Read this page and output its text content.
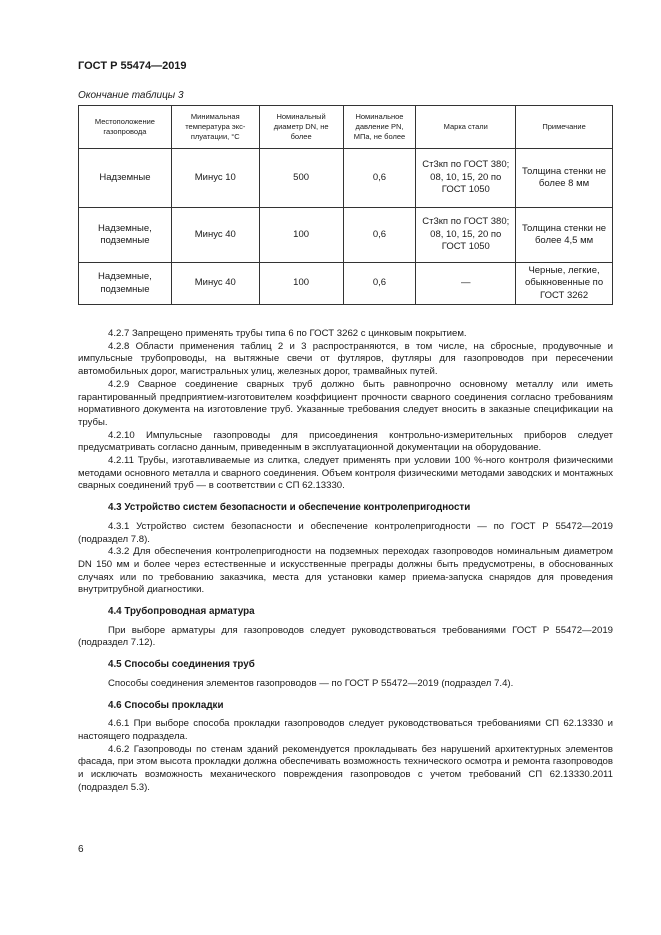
ГОСТ Р 55474—2019
Окончание таблицы 3
Местоположение газопровода	Минимальная температура экс-плуатации, °С	Номинальный диаметр DN, не более	Номинальное давление PN, МПа, не более	Марка стали	Примечание
Надземные	Минус 10	500	0,6	Ст3кп по ГОСТ 380; 08, 10, 15, 20 по ГОСТ 1050	Толщина стенки не более 8 мм
Надземные, подземные	Минус 40	100	0,6	Ст3кп по ГОСТ 380; 08, 10, 15, 20 по ГОСТ 1050	Толщина стенки не более 4,5 мм
Надземные, подземные	Минус 40	100	0,6	—	Черные, легкие, обыкновенные по ГОСТ 3262

4.2.7 Запрещено применять трубы типа 6 по ГОСТ 3262 с цинковым покрытием.

4.2.8 Области применения таблиц 2 и 3 распространяются, в том числе, на сбросные, продувочные и импульсные трубопроводы, на вытяжные свечи от футляров, футляры для газопроводов при пересечении автомобильных дорог, магистральных улиц, железных дорог, трамвайных путей.

4.2.9 Сварное соединение сварных труб должно быть равнопрочно основному металлу или иметь гарантированный предприятием-изготовителем коэффициент прочности сварного соединения согласно требованиям нормативного документа на изготовление труб. Указанные требования следует вносить в заказные спецификации на трубы.

4.2.10 Импульсные газопроводы для присоединения контрольно-измерительных приборов следует предусматривать согласно данным, приведенным в эксплуатационной документации на оборудование.

4.2.11 Трубы, изготавливаемые из слитка, следует применять при условии 100 %-ного контроля физическими методами основного металла и сварного соединения. Объем контроля физическими методами заводских и монтажных сварных соединений труб — в соответствии с СП 62.13330.

4.3 Устройство систем безопасности и обеспечение контролепригодности

4.3.1 Устройство систем безопасности и обеспечение контролепригодности — по ГОСТ Р 55472—2019 (подраздел 7.8).

4.3.2 Для обеспечения контролепригодности на подземных переходах газопроводов номинальным диаметром DN 150 мм и более через естественные и искусственные преграды должны быть предусмотрены, в обоснованных случаях или по требованию заказчика, места для установки камер приема-запуска снарядов для проведения внутритрубной диагностики.

4.4 Трубопроводная арматура

При выборе арматуры для газопроводов следует руководствоваться требованиями ГОСТ Р 55472—2019 (подраздел 7.12).

4.5 Способы соединения труб

Способы соединения элементов газопроводов — по ГОСТ Р 55472—2019 (подраздел 7.4).

4.6 Способы прокладки

4.6.1 При выборе способа прокладки газопроводов следует руководствоваться требованиями СП 62.13330 и настоящего подраздела.

4.6.2 Газопроводы по стенам зданий рекомендуется прокладывать без нарушений архитектурных элементов фасада, при этом высота прокладки должна обеспечивать возможность технического осмотра и ремонта газопроводов и исключать возможность механического повреждения газопроводов с учетом требований СП 62.13330.2011 (подраздел 5.3).

6
